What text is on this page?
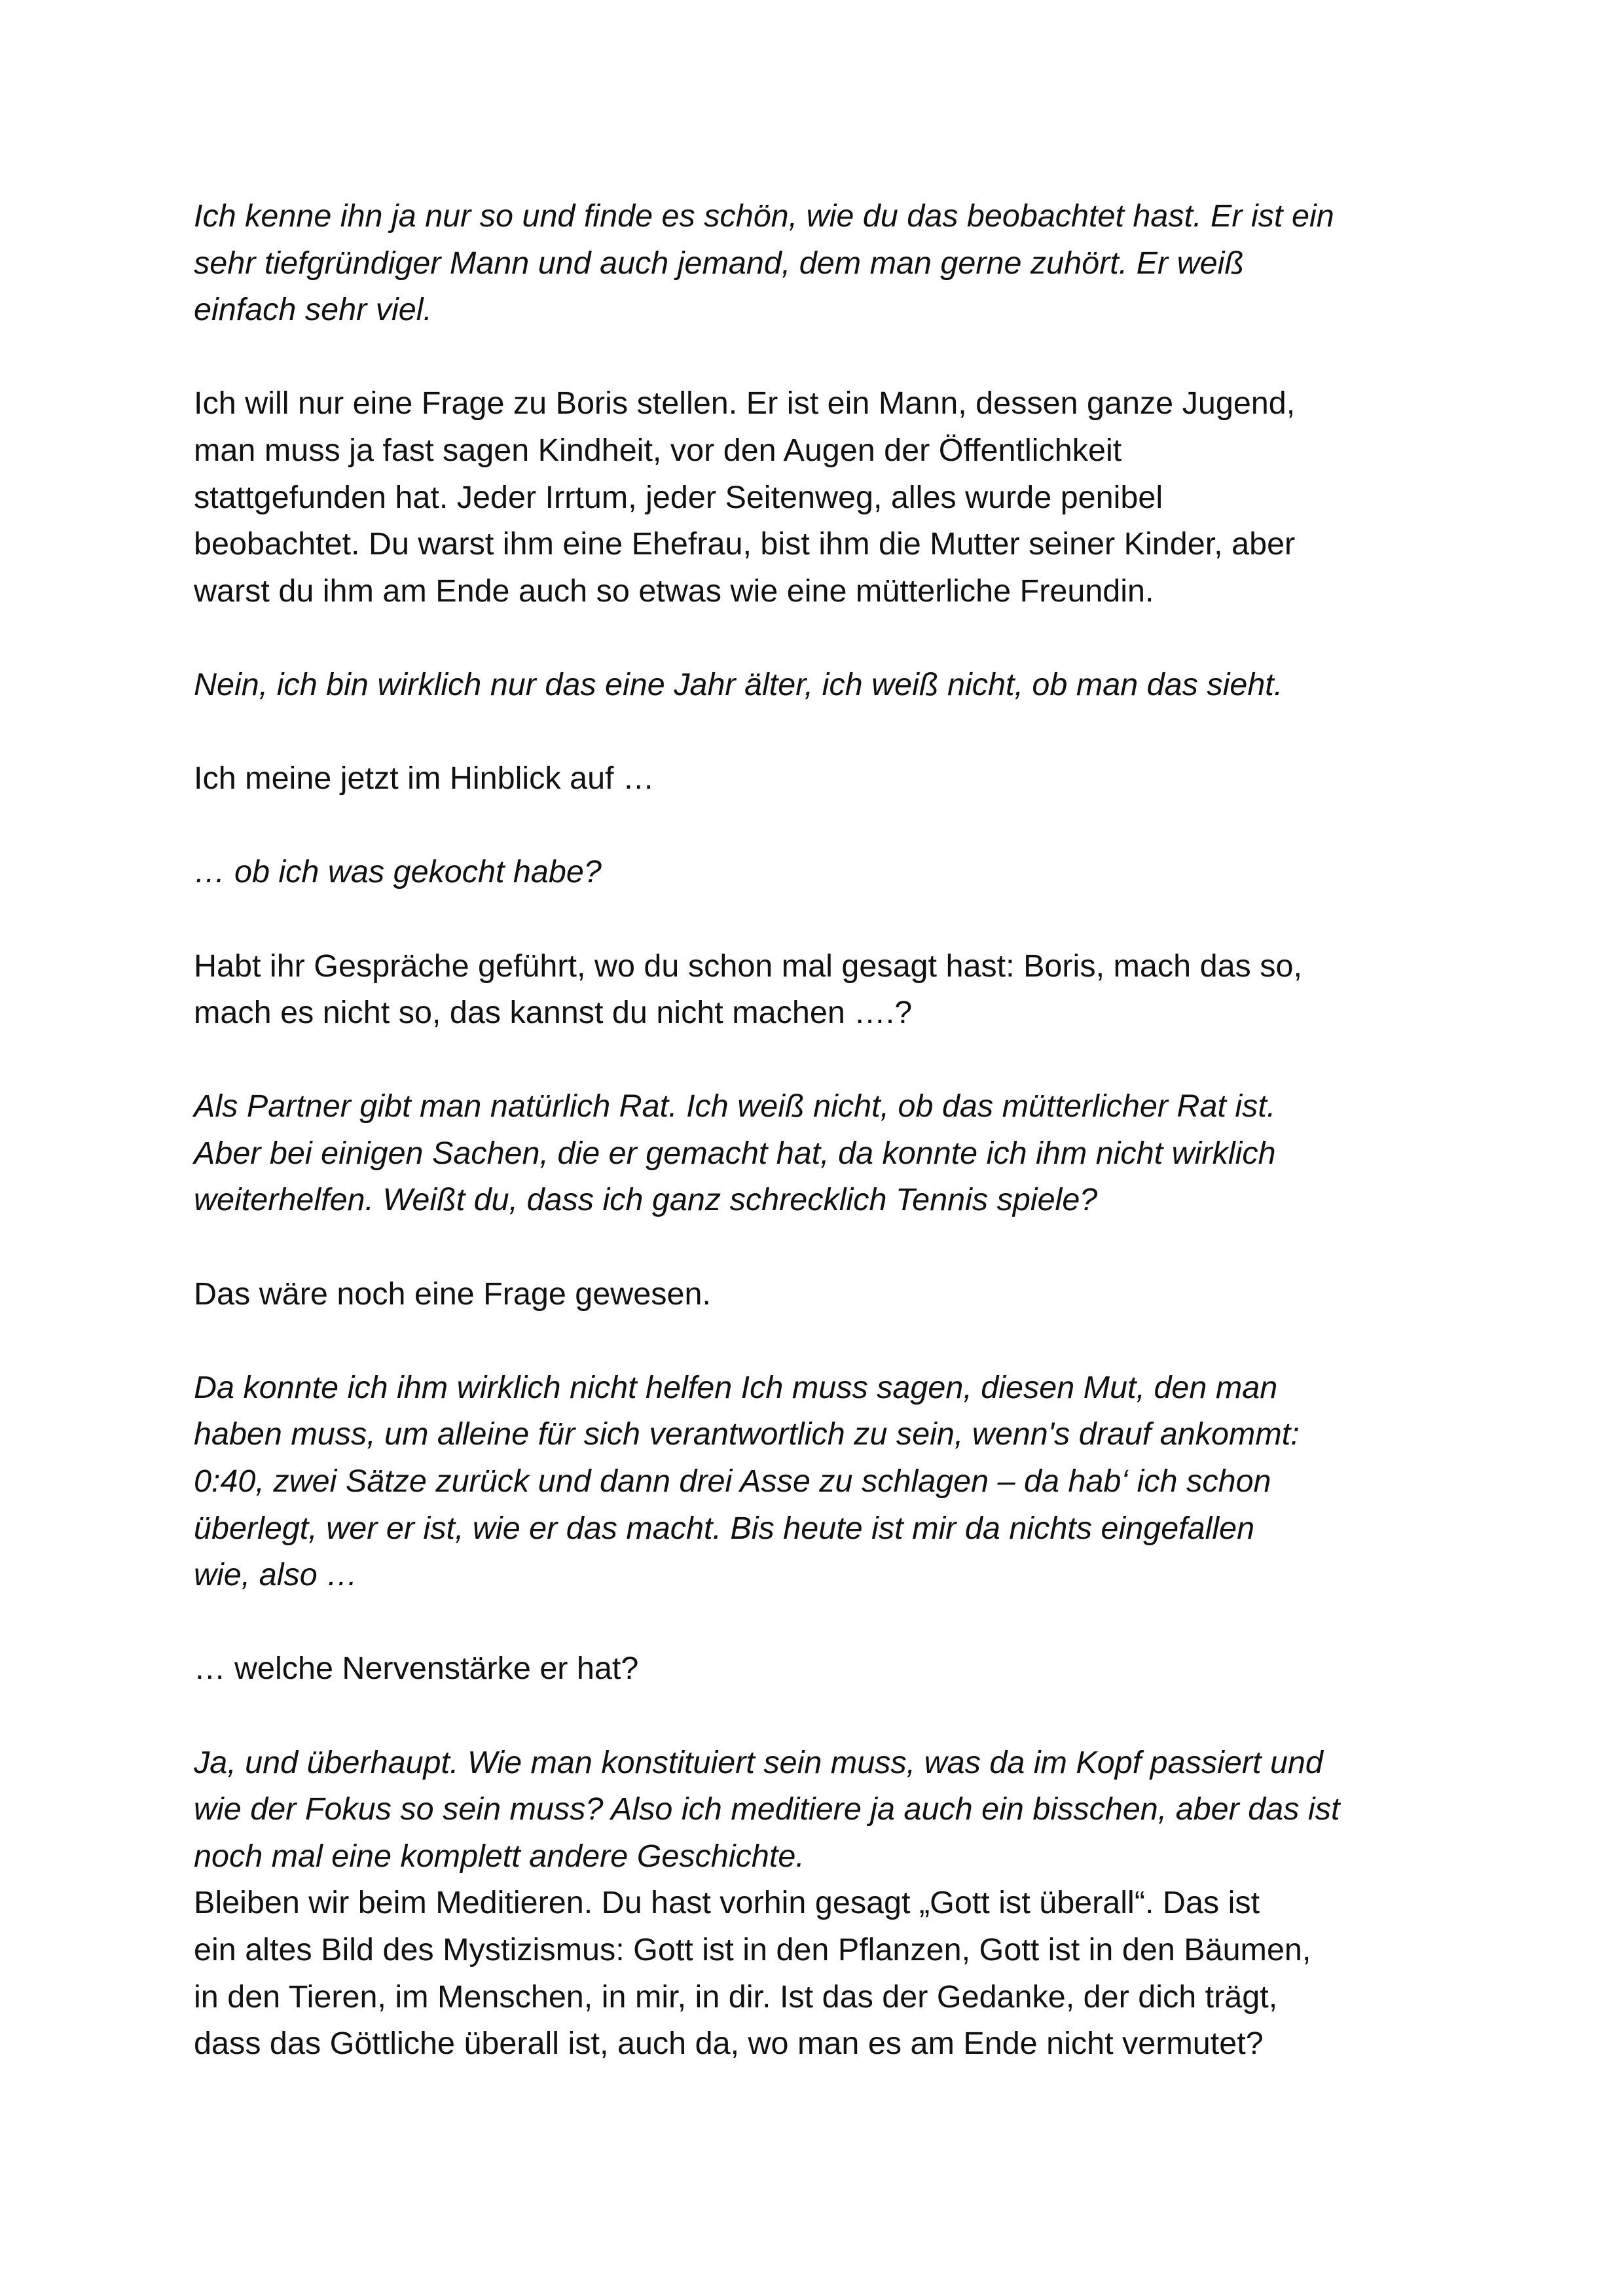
Ich kenne ihn ja nur so und finde es schön, wie du das beobachtet hast. Er ist ein
sehr tiefgründiger Mann und auch jemand, dem man gerne zuhört. Er weiß
einfach sehr viel.

Ich will nur eine Frage zu Boris stellen. Er ist ein Mann, dessen ganze Jugend,
man muss ja fast sagen Kindheit, vor den Augen der Öffentlichkeit
stattgefunden hat. Jeder Irrtum, jeder Seitenweg, alles wurde penibel
beobachtet. Du warst ihm eine Ehefrau, bist ihm die Mutter seiner Kinder, aber
warst du ihm am Ende auch so etwas wie eine mütterliche Freundin.

Nein, ich bin wirklich nur das eine Jahr älter, ich weiß nicht, ob man das sieht.

Ich meine jetzt im Hinblick auf …

… ob ich was gekocht habe?

Habt ihr Gespräche geführt, wo du schon mal gesagt hast: Boris, mach das so,
mach es nicht so, das kannst du nicht machen ….?

Als Partner gibt man natürlich Rat. Ich weiß nicht, ob das mütterlicher Rat ist.
Aber bei einigen Sachen, die er gemacht hat, da konnte ich ihm nicht wirklich
weiterhelfen. Weißt du, dass ich ganz schrecklich Tennis spiele?

Das wäre noch eine Frage gewesen.

Da konnte ich ihm wirklich nicht helfen Ich muss sagen, diesen Mut, den man
haben muss, um alleine für sich verantwortlich zu sein, wenn's drauf ankommt:
0:40, zwei Sätze zurück und dann drei Asse zu schlagen – da hab‘ ich schon
überlegt, wer er ist, wie er das macht. Bis heute ist mir da nichts eingefallen
wie, also …

… welche Nervenstärke er hat?

Ja, und überhaupt. Wie man konstituiert sein muss, was da im Kopf passiert und
wie der Fokus so sein muss? Also ich meditiere ja auch ein bisschen, aber das ist
noch mal eine komplett andere Geschichte.

Bleiben wir beim Meditieren. Du hast vorhin gesagt „Gott ist überall“. Das ist
ein altes Bild des Mystizismus: Gott ist in den Pflanzen, Gott ist in den Bäumen,
in den Tieren, im Menschen, in mir, in dir. Ist das der Gedanke, der dich trägt,
dass das Göttliche überall ist, auch da, wo man es am Ende nicht vermutet?
